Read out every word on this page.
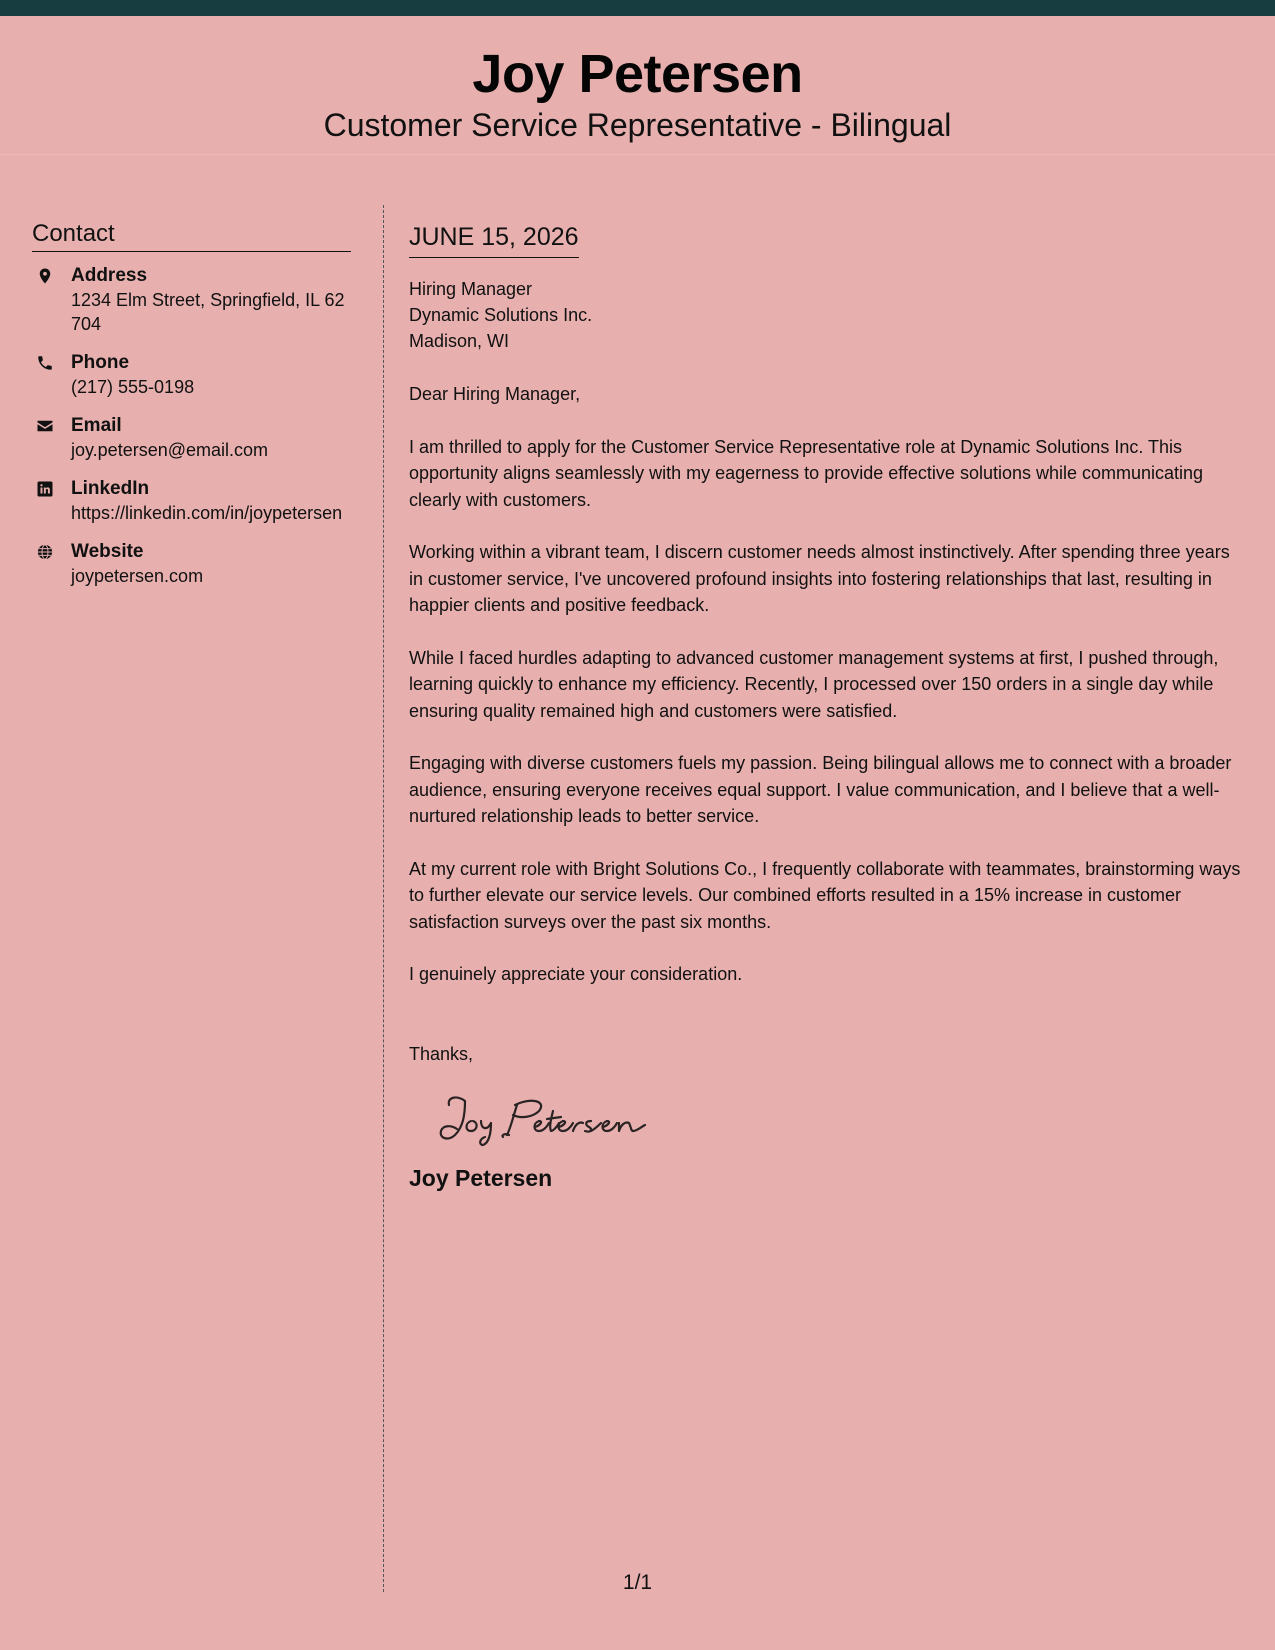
Joy Petersen
Customer Service Representative - Bilingual
Contact
Address
1234 Elm Street, Springfield, IL 62704
Phone
(217) 555-0198
Email
joy.petersen@email.com
LinkedIn
https://linkedin.com/in/joypetersen
Website
joypetersen.com
JUNE 15, 2026
Hiring Manager
Dynamic Solutions Inc.
Madison, WI

Dear Hiring Manager,

I am thrilled to apply for the Customer Service Representative role at Dynamic Solutions Inc. This opportunity aligns seamlessly with my eagerness to provide effective solutions while communicating clearly with customers.

Working within a vibrant team, I discern customer needs almost instinctively. After spending three years in customer service, I've uncovered profound insights into fostering relationships that last, resulting in happier clients and positive feedback.

While I faced hurdles adapting to advanced customer management systems at first, I pushed through, learning quickly to enhance my efficiency. Recently, I processed over 150 orders in a single day while ensuring quality remained high and customers were satisfied.

Engaging with diverse customers fuels my passion. Being bilingual allows me to connect with a broader audience, ensuring everyone receives equal support. I value communication, and I believe that a well-nurtured relationship leads to better service.

At my current role with Bright Solutions Co., I frequently collaborate with teammates, brainstorming ways to further elevate our service levels. Our combined efforts resulted in a 15% increase in customer satisfaction surveys over the past six months.

I genuinely appreciate your consideration.

Thanks,

Joy Petersen
1/1
